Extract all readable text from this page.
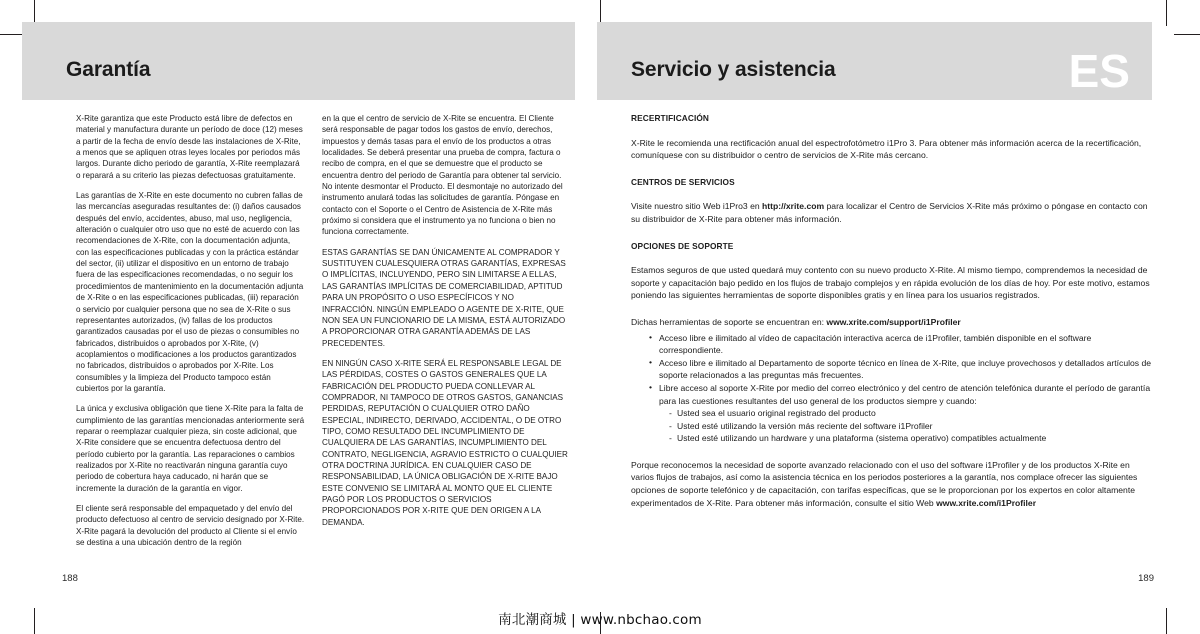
Garantía

X-Rite garantiza que este Producto está libre de defectos en material y manufactura durante un período de doce (12) meses a partir de la fecha de envío desde las instalaciones de X-Rite, a menos que se apliquen otras leyes locales por periodos más largos. Durante dicho periodo de garantía, X-Rite reemplazará o reparará a su criterio las piezas defectuosas gratuitamente.

Las garantías de X-Rite en este documento no cubren fallas de las mercancías aseguradas resultantes de: (i) daños causados después del envío, accidentes, abuso, mal uso, negligencia, alteración o cualquier otro uso que no esté de acuerdo con las recomendaciones de X-Rite, con la documentación adjunta, con las especificaciones publicadas y con la práctica estándar del sector, (ii) utilizar el dispositivo en un entorno de trabajo fuera de las especificaciones recomendadas, o no seguir los procedimientos de mantenimiento en la documentación adjunta de X-Rite o en las especificaciones publicadas, (iii) reparación o servicio por cualquier persona que no sea de X-Rite o sus representantes autorizados, (iv) fallas de los productos garantizados causadas por el uso de piezas o consumibles no fabricados, distribuidos o aprobados por X-Rite, (v) acoplamientos o modificaciones a los productos garantizados no fabricados, distribuidos o aprobados por X-Rite. Los consumibles y la limpieza del Producto tampoco están cubiertos por la garantía.

La única y exclusiva obligación que tiene X-Rite para la falta de cumplimiento de las garantías mencionadas anteriormente será reparar o reemplazar cualquier pieza, sin coste adicional, que X-Rite considere que se encuentra defectuosa dentro del período cubierto por la garantía. Las reparaciones o cambios realizados por X-Rite no reactivarán ninguna garantía cuyo periodo de cobertura haya caducado, ni harán que se incremente la duración de la garantía en vigor.

El cliente será responsable del empaquetado y del envío del producto defectuoso al centro de servicio designado por X-Rite. X-Rite pagará la devolución del producto al Cliente si el envío se destina a una ubicación dentro de la región

en la que el centro de servicio de X-Rite se encuentra. El Cliente será responsable de pagar todos los gastos de envío, derechos, impuestos y demás tasas para el envío de los productos a otras localidades. Se deberá presentar una prueba de compra, factura o recibo de compra, en el que se demuestre que el producto se encuentra dentro del periodo de Garantía para obtener tal servicio. No intente desmontar el Producto. El desmontaje no autorizado del instrumento anulará todas las solicitudes de garantía. Póngase en contacto con el Soporte o el Centro de Asistencia de X-Rite más próximo si considera que el instrumento ya no funciona o bien no funciona correctamente.

ESTAS GARANTÍAS SE DAN ÚNICAMENTE AL COMPRADOR Y SUSTITUYEN CUALESQUIERA OTRAS GARANTÍAS, EXPRESAS O IMPLÍCITAS, INCLUYENDO, PERO SIN LIMITARSE A ELLAS, LAS GARANTÍAS IMPLÍCITAS DE COMERCIABILIDAD, APTITUD PARA UN PROPÓSITO O USO ESPECÍFICOS Y NO INFRACCIÓN. NINGÚN EMPLEADO O AGENTE DE X-RITE, QUE NON SEA UN FUNCIONARIO DE LA MISMA, ESTÁ AUTORIZADO A PROPORCIONAR OTRA GARANTÍA ADEMÁS DE LAS PRECEDENTES.

EN NINGÚN CASO X-RITE SERÁ EL RESPONSABLE LEGAL DE LAS PÉRDIDAS, COSTES O GASTOS GENERALES QUE LA FABRICACIÓN DEL PRODUCTO PUEDA CONLLEVAR AL COMPRADOR, NI TAMPOCO DE OTROS GASTOS, GANANCIAS PERDIDAS, REPUTACIÓN O CUALQUIER OTRO DAÑO ESPECIAL, INDIRECTO, DERIVADO, ACCIDENTAL, O DE OTRO TIPO, COMO RESULTADO DEL INCUMPLIMIENTO DE CUALQUIERA DE LAS GARANTÍAS, INCUMPLIMIENTO DEL CONTRATO, NEGLIGENCIA, AGRAVIO ESTRICTO O CUALQUIER OTRA DOCTRINA JURÍDICA. EN CUALQUIER CASO DE RESPONSABILIDAD, LA ÚNICA OBLIGACIÓN DE X-RITE BAJO ESTE CONVENIO SE LIMITARÁ AL MONTO QUE EL CLIENTE PAGÓ POR LOS PRODUCTOS O SERVICIOS PROPORCIONADOS POR X-RITE QUE DEN ORIGEN A LA DEMANDA.

188
Servicio y asistencia	ES
RECERTIFICACIÓN

X-Rite le recomienda una rectificación anual del espectrofotómetro i1Pro 3. Para obtener más información acerca de la recertificación, comuníquese con su distribuidor o centro de servicios de X-Rite más cercano.

CENTROS DE SERVICIOS

Visite nuestro sitio Web i1Pro3 en http://xrite.com para localizar el Centro de Servicios X-Rite más próximo o póngase en contacto con su distribuidor de X-Rite para obtener más información.

OPCIONES DE SOPORTE

Estamos seguros de que usted quedará muy contento con su nuevo producto X-Rite. Al mismo tiempo, comprendemos la necesidad de soporte y capacitación bajo pedido en los flujos de trabajo complejos y en rápida evolución de los días de hoy. Por este motivo, estamos poniendo las siguientes herramientas de soporte disponibles gratis y en línea para los usuarios registrados.

Dichas herramientas de soporte se encuentran en: www.xrite.com/support/i1Profiler

• Acceso libre e ilimitado al vídeo de capacitación interactiva acerca de i1Profiler, también disponible en el software correspondiente.
• Acceso libre e ilimitado al Departamento de soporte técnico en línea de X-Rite, que incluye provechosos y detallados artículos de soporte relacionados a las preguntas más frecuentes.
• Libre acceso al soporte X-Rite por medio del correo electrónico y del centro de atención telefónica durante el período de garantía para las cuestiones resultantes del uso general de los productos siempre y cuando:
- Usted sea el usuario original registrado del producto
- Usted esté utilizando la versión más reciente del software i1Profiler
- Usted esté utilizando un hardware y una plataforma (sistema operativo) compatibles actualmente

Porque reconocemos la necesidad de soporte avanzado relacionado con el uso del software i1Profiler y de los productos X-Rite en varios flujos de trabajos, así como la asistencia técnica en los periodos posteriores a la garantía, nos complace ofrecer las siguientes opciones de soporte telefónico y de capacitación, con tarifas específicas, que se le proporcionan por los expertos en color altamente experimentados de X-Rite. Para obtener más información, consulte el sitio Web www.xrite.com/i1Profiler

189
南北潮商城 | www.nbchao.com
